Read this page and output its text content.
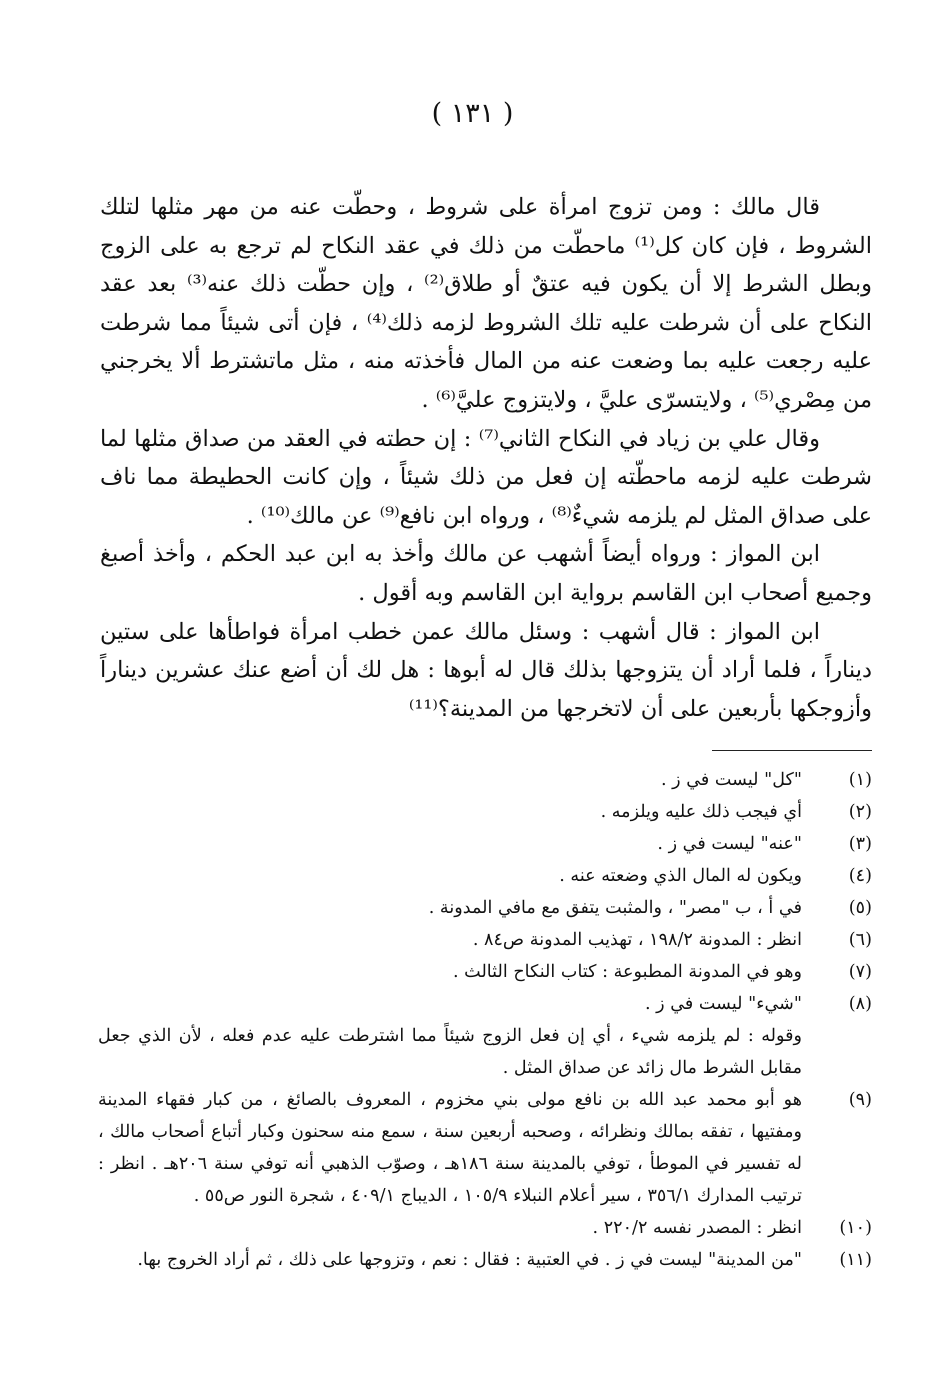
( ١٣١ )

قال مالك : ومن تزوج امرأة على شروط ، وحطّت عنه من مهر مثلها لتلك الشروط ، فإن كان كل⁽¹⁾ ماحطّت من ذلك في عقد النكاح لم ترجع به على الزوج وبطل الشرط إلا أن يكون فيه عتقٌ أو طلاق⁽²⁾ ، وإن حطّت ذلك عنه⁽³⁾ بعد عقد النكاح على أن شرطت عليه تلك الشروط لزمه ذلك⁽⁴⁾ ، فإن أتى شيئاً مما شرطت عليه رجعت عليه بما وضعت عنه من المال فأخذته منه ، مثل ماتشترط ألا يخرجني من مِصْري⁽⁵⁾ ، ولايتسرّى عليَّ ، ولايتزوج عليَّ⁽⁶⁾ .

وقال علي بن زياد في النكاح الثاني⁽⁷⁾ : إن حطته في العقد من صداق مثلها لما شرطت عليه لزمه ماحطّته إن فعل من ذلك شيئاً ، وإن كانت الحطيطة مما ناف على صداق المثل لم يلزمه شيءٌ⁽⁸⁾ ، ورواه ابن نافع⁽⁹⁾ عن مالك⁽¹⁰⁾ .

ابن المواز : ورواه أيضاً أشهب عن مالك وأخذ به ابن عبد الحكم ، وأخذ أصبغ وجميع أصحاب ابن القاسم برواية ابن القاسم وبه أقول .

ابن المواز : قال أشهب : وسئل مالك عمن خطب امرأة فواطأها على ستين ديناراً ، فلما أراد أن يتزوجها بذلك قال له أبوها : هل لك أن أضع عنك عشرين ديناراً وأزوجكها بأربعين على أن لاتخرجها من المدينة؟⁽¹¹⁾

(١)
"كل" ليست في ز .
(٢)
أي فيجب ذلك عليه ويلزمه .
(٣)
"عنه" ليست في ز .
(٤)
ويكون له المال الذي وضعته عنه .
(٥)
في أ ، ب "مصر" ، والمثبت يتفق مع مافي المدونة .
(٦)
انظر : المدونة ١٩٨/٢ ، تهذيب المدونة ص٨٤ .
(٧)
وهو في المدونة المطبوعة : كتاب النكاح الثالث .
(٨)
"شيء" ليست في ز .
وقوله : لم يلزمه شيء ، أي إن فعل الزوج شيئاً مما اشترطت عليه عدم فعله ، لأن الذي جعل مقابل الشرط مال زائد عن صداق المثل .
(٩)
هو أبو محمد عبد الله بن نافع مولى بني مخزوم ، المعروف بالصائغ ، من كبار فقهاء المدينة ومفتيها ، تفقه بمالك ونظرائه ، وصحبه أربعين سنة ، سمع منه سحنون وكبار أتباع أصحاب مالك ، له تفسير في الموطأ ، توفي بالمدينة سنة ١٨٦هـ ، وصوّب الذهبي أنه توفي سنة ٢٠٦هـ . انظر : ترتيب المدارك ٣٥٦/١ ، سير أعلام النبلاء ١٠٥/٩ ، الديباج ٤٠٩/١ ، شجرة النور ص٥٥ .
(١٠)
انظر : المصدر نفسه ٢٢٠/٢ .
(١١)
"من المدينة" ليست في ز . في العتبية : فقال : نعم ، وتزوجها على ذلك ، ثم أراد الخروج بها.
